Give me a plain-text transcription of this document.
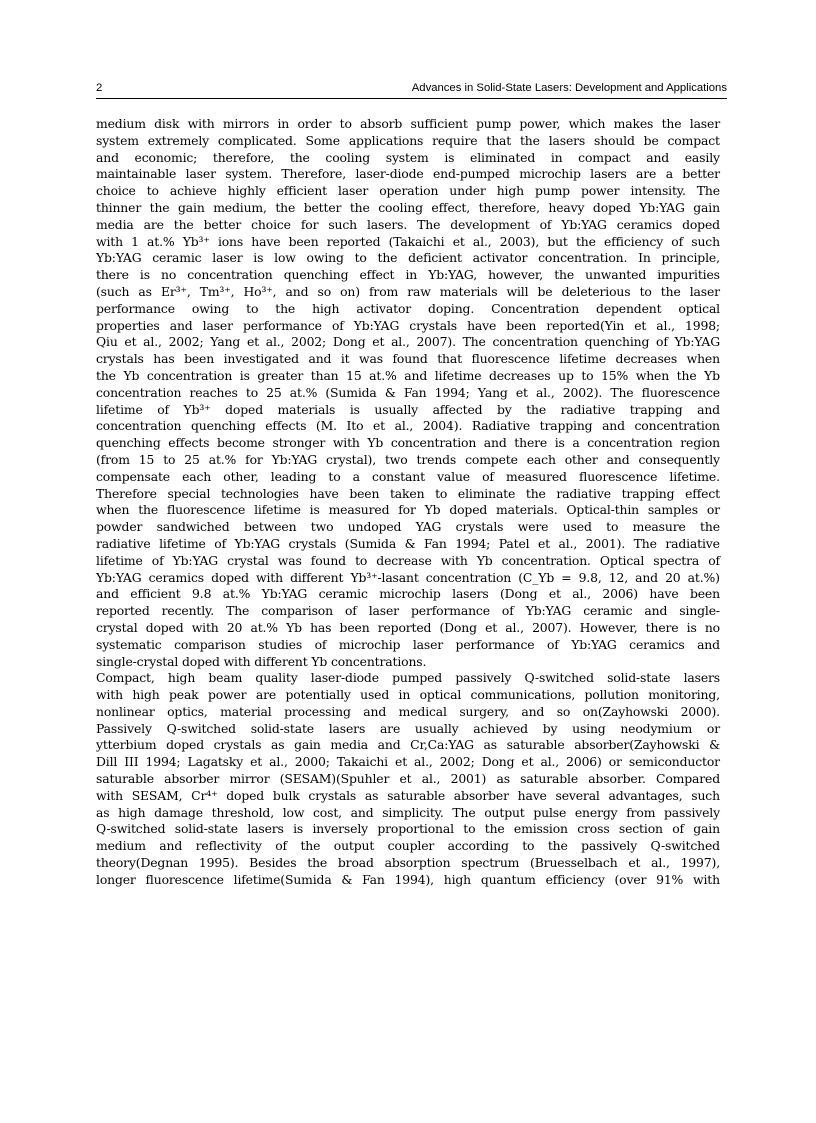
2	Advances in Solid-State Lasers: Development and Applications
medium disk with mirrors in order to absorb sufficient pump power, which makes the laser
system extremely complicated. Some applications require that the lasers should be compact
and economic; therefore, the cooling system is eliminated in compact and easily
maintainable laser system. Therefore, laser-diode end-pumped microchip lasers are a better
choice to achieve highly efficient laser operation under high pump power intensity. The
thinner the gain medium, the better the cooling effect, therefore, heavy doped Yb:YAG gain
media are the better choice for such lasers. The development of Yb:YAG ceramics doped
with 1 at.% Yb³⁺ ions have been reported (Takaichi et al., 2003), but the efficiency of such
Yb:YAG ceramic laser is low owing to the deficient activator concentration. In principle,
there is no concentration quenching effect in Yb:YAG, however, the unwanted impurities
(such as Er³⁺, Tm³⁺, Ho³⁺, and so on) from raw materials will be deleterious to the laser
performance owing to the high activator doping. Concentration dependent optical
properties and laser performance of Yb:YAG crystals have been reported(Yin et al., 1998;
Qiu et al., 2002; Yang et al., 2002; Dong et al., 2007). The concentration quenching of Yb:YAG
crystals has been investigated and it was found that fluorescence lifetime decreases when
the Yb concentration is greater than 15 at.% and lifetime decreases up to 15% when the Yb
concentration reaches to 25 at.% (Sumida & Fan 1994; Yang et al., 2002). The fluorescence
lifetime of Yb³⁺ doped materials is usually affected by the radiative trapping and
concentration quenching effects (M. Ito et al., 2004). Radiative trapping and concentration
quenching effects become stronger with Yb concentration and there is a concentration region
(from 15 to 25 at.% for Yb:YAG crystal), two trends compete each other and consequently
compensate each other, leading to a constant value of measured fluorescence lifetime.
Therefore special technologies have been taken to eliminate the radiative trapping effect
when the fluorescence lifetime is measured for Yb doped materials. Optical-thin samples or
powder sandwiched between two undoped YAG crystals were used to measure the
radiative lifetime of Yb:YAG crystals (Sumida & Fan 1994; Patel et al., 2001). The radiative
lifetime of Yb:YAG crystal was found to decrease with Yb concentration. Optical spectra of
Yb:YAG ceramics doped with different Yb³⁺-lasant concentration (C_Yb = 9.8, 12, and 20 at.%)
and efficient 9.8 at.% Yb:YAG ceramic microchip lasers (Dong et al., 2006) have been
reported recently. The comparison of laser performance of Yb:YAG ceramic and single-
crystal doped with 20 at.% Yb has been reported (Dong et al., 2007). However, there is no
systematic comparison studies of microchip laser performance of Yb:YAG ceramics and
single-crystal doped with different Yb concentrations.
Compact, high beam quality laser-diode pumped passively Q-switched solid-state lasers
with high peak power are potentially used in optical communications, pollution monitoring,
nonlinear optics, material processing and medical surgery, and so on(Zayhowski 2000).
Passively Q-switched solid-state lasers are usually achieved by using neodymium or
ytterbium doped crystals as gain media and Cr,Ca:YAG as saturable absorber(Zayhowski &
Dill III 1994; Lagatsky et al., 2000; Takaichi et al., 2002; Dong et al., 2006) or semiconductor
saturable absorber mirror (SESAM)(Spuhler et al., 2001) as saturable absorber. Compared
with SESAM, Cr⁴⁺ doped bulk crystals as saturable absorber have several advantages, such
as high damage threshold, low cost, and simplicity. The output pulse energy from passively
Q-switched solid-state lasers is inversely proportional to the emission cross section of gain
medium and reflectivity of the output coupler according to the passively Q-switched
theory(Degnan 1995). Besides the broad absorption spectrum (Bruesselbach et al., 1997),
longer fluorescence lifetime(Sumida & Fan 1994), high quantum efficiency (over 91% with
